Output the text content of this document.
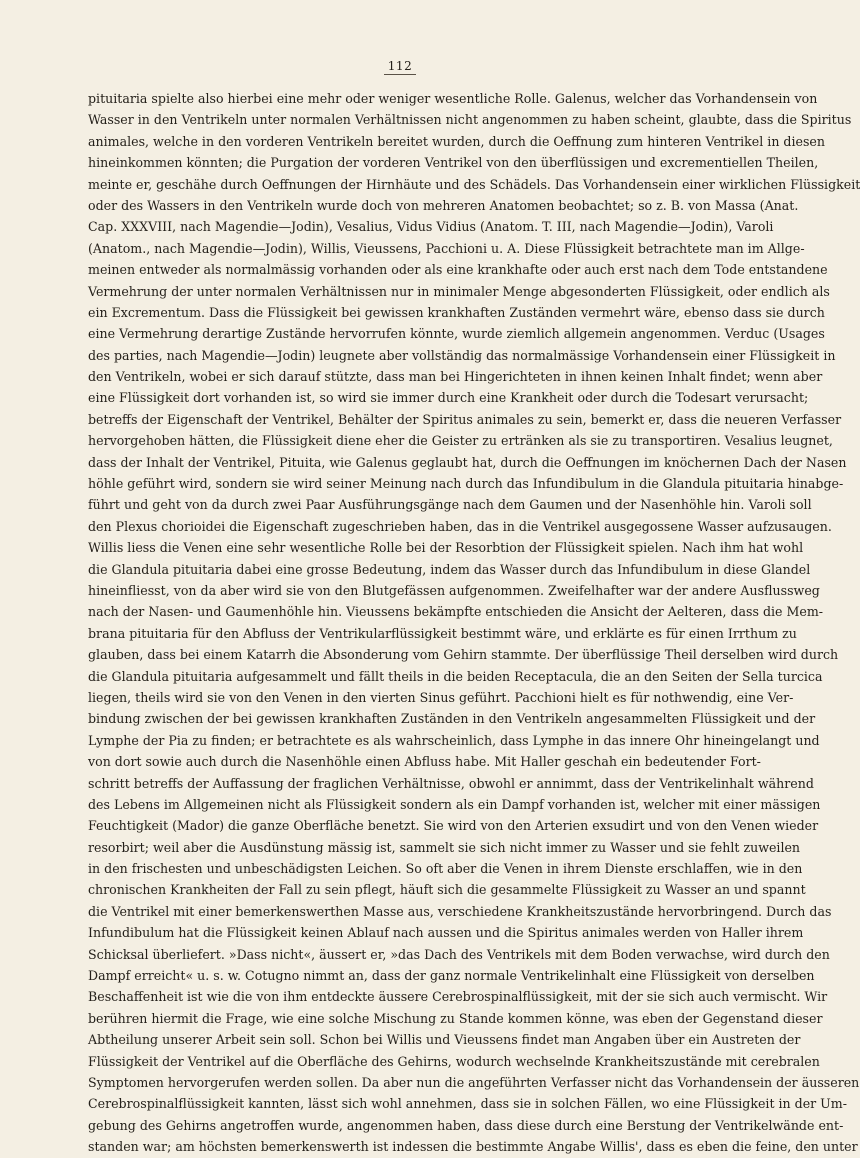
112
pituitaria spielte also hierbei eine mehr oder weniger wesentliche Rolle. Galenus, welcher das Vorhandensein von
Wasser in den Ventrikeln unter normalen Verhältnissen nicht angenommen zu haben scheint, glaubte, dass die Spiritus
animales, welche in den vorderen Ventrikeln bereitet wurden, durch die Oeffnung zum hinteren Ventrikel in diesen
hineinkommen könnten; die Purgation der vorderen Ventrikel von den überflüssigen und excrementiellen Theilen,
meinte er, geschähe durch Oeffnungen der Hirnhäute und des Schädels. Das Vorhandensein einer wirklichen Flüssigkeit
oder des Wassers in den Ventrikeln wurde doch von mehreren Anatomen beobachtet; so z. B. von Massa (Anat.
Cap. XXXVIII, nach Magendie—Jodin), Vesalius, Vidus Vidius (Anatom. T. III, nach Magendie—Jodin), Varoli
(Anatom., nach Magendie—Jodin), Willis, Vieussens, Pacchioni u. A. Diese Flüssigkeit betrachtete man im Allge-
meinen entweder als normalmässig vorhanden oder als eine krankhafte oder auch erst nach dem Tode entstandene
Vermehrung der unter normalen Verhältnissen nur in minimaler Menge abgesonderten Flüssigkeit, oder endlich als
ein Excrementum. Dass die Flüssigkeit bei gewissen krankhaften Zuständen vermehrt wäre, ebenso dass sie durch
eine Vermehrung derartige Zustände hervorrufen könnte, wurde ziemlich allgemein angenommen. Verduc (Usages
des parties, nach Magendie—Jodin) leugnete aber vollständig das normalmässige Vorhandensein einer Flüssigkeit in
den Ventrikeln, wobei er sich darauf stützte, dass man bei Hingerichteten in ihnen keinen Inhalt findet; wenn aber
eine Flüssigkeit dort vorhanden ist, so wird sie immer durch eine Krankheit oder durch die Todesart verursacht;
betreffs der Eigenschaft der Ventrikel, Behälter der Spiritus animales zu sein, bemerkt er, dass die neueren Verfasser
hervorgehoben hätten, die Flüssigkeit diene eher die Geister zu ertränken als sie zu transportiren. Vesalius leugnet,
dass der Inhalt der Ventrikel, Pituita, wie Galenus geglaubt hat, durch die Oeffnungen im knöchernen Dach der Nasen
höhle geführt wird, sondern sie wird seiner Meinung nach durch das Infundibulum in die Glandula pituitaria hinabge-
führt und geht von da durch zwei Paar Ausführungsgänge nach dem Gaumen und der Nasenhöhle hin. Varoli soll
den Plexus chorioidei die Eigenschaft zugeschrieben haben, das in die Ventrikel ausgegossene Wasser aufzusaugen.
Willis liess die Venen eine sehr wesentliche Rolle bei der Resorbtion der Flüssigkeit spielen. Nach ihm hat wohl
die Glandula pituitaria dabei eine grosse Bedeutung, indem das Wasser durch das Infundibulum in diese Glandel
hineinfliesst, von da aber wird sie von den Blutgefässen aufgenommen. Zweifelhafter war der andere Ausflussweg
nach der Nasen- und Gaumenhöhle hin. Vieussens bekämpfte entschieden die Ansicht der Aelteren, dass die Mem-
brana pituitaria für den Abfluss der Ventrikularflüssigkeit bestimmt wäre, und erklärte es für einen Irrthum zu
glauben, dass bei einem Katarrh die Absonderung vom Gehirn stammte. Der überflüssige Theil derselben wird durch
die Glandula pituitaria aufgesammelt und fällt theils in die beiden Receptacula, die an den Seiten der Sella turcica
liegen, theils wird sie von den Venen in den vierten Sinus geführt. Pacchioni hielt es für nothwendig, eine Ver-
bindung zwischen der bei gewissen krankhaften Zuständen in den Ventrikeln angesammelten Flüssigkeit und der
Lymphe der Pia zu finden; er betrachtete es als wahrscheinlich, dass Lymphe in das innere Ohr hineingelangt und
von dort sowie auch durch die Nasenhöhle einen Abfluss habe. Mit Haller geschah ein bedeutender Fort-
schritt betreffs der Auffassung der fraglichen Verhältnisse, obwohl er annimmt, dass der Ventrikelinhalt während
des Lebens im Allgemeinen nicht als Flüssigkeit sondern als ein Dampf vorhanden ist, welcher mit einer mässigen
Feuchtigkeit (Mador) die ganze Oberfläche benetzt. Sie wird von den Arterien exsudirt und von den Venen wieder
resorbirt; weil aber die Ausdünstung mässig ist, sammelt sie sich nicht immer zu Wasser und sie fehlt zuweilen
in den frischesten und unbeschädigsten Leichen. So oft aber die Venen in ihrem Dienste erschlaffen, wie in den
chronischen Krankheiten der Fall zu sein pflegt, häuft sich die gesammelte Flüssigkeit zu Wasser an und spannt
die Ventrikel mit einer bemerkenswerthen Masse aus, verschiedene Krankheitszustände hervorbringend. Durch das
Infundibulum hat die Flüssigkeit keinen Ablauf nach aussen und die Spiritus animales werden von Haller ihrem
Schicksal überliefert. »Dass nicht«, äussert er, »das Dach des Ventrikels mit dem Boden verwachse, wird durch den
Dampf erreicht« u. s. w. Cotugno nimmt an, dass der ganz normale Ventrikelinhalt eine Flüssigkeit von derselben
Beschaffenheit ist wie die von ihm entdeckte äussere Cerebrospinalflüssigkeit, mit der sie sich auch vermischt. Wir
berühren hiermit die Frage, wie eine solche Mischung zu Stande kommen könne, was eben der Gegenstand dieser
Abtheilung unserer Arbeit sein soll. Schon bei Willis und Vieussens findet man Angaben über ein Austreten der
Flüssigkeit der Ventrikel auf die Oberfläche des Gehirns, wodurch wechselnde Krankheitszustände mit cerebralen
Symptomen hervorgerufen werden sollen. Da aber nun die angeführten Verfasser nicht das Vorhandensein der äusseren
Cerebrospinalflüssigkeit kannten, lässt sich wohl annehmen, dass sie in solchen Fällen, wo eine Flüssigkeit in der Um-
gebung des Gehirns angetroffen wurde, angenommen haben, dass diese durch eine Berstung der Ventrikelwände ent-
standen war; am höchsten bemerkenswerth ist indessen die bestimmte Angabe Willis', dass es eben die feine, den unter
